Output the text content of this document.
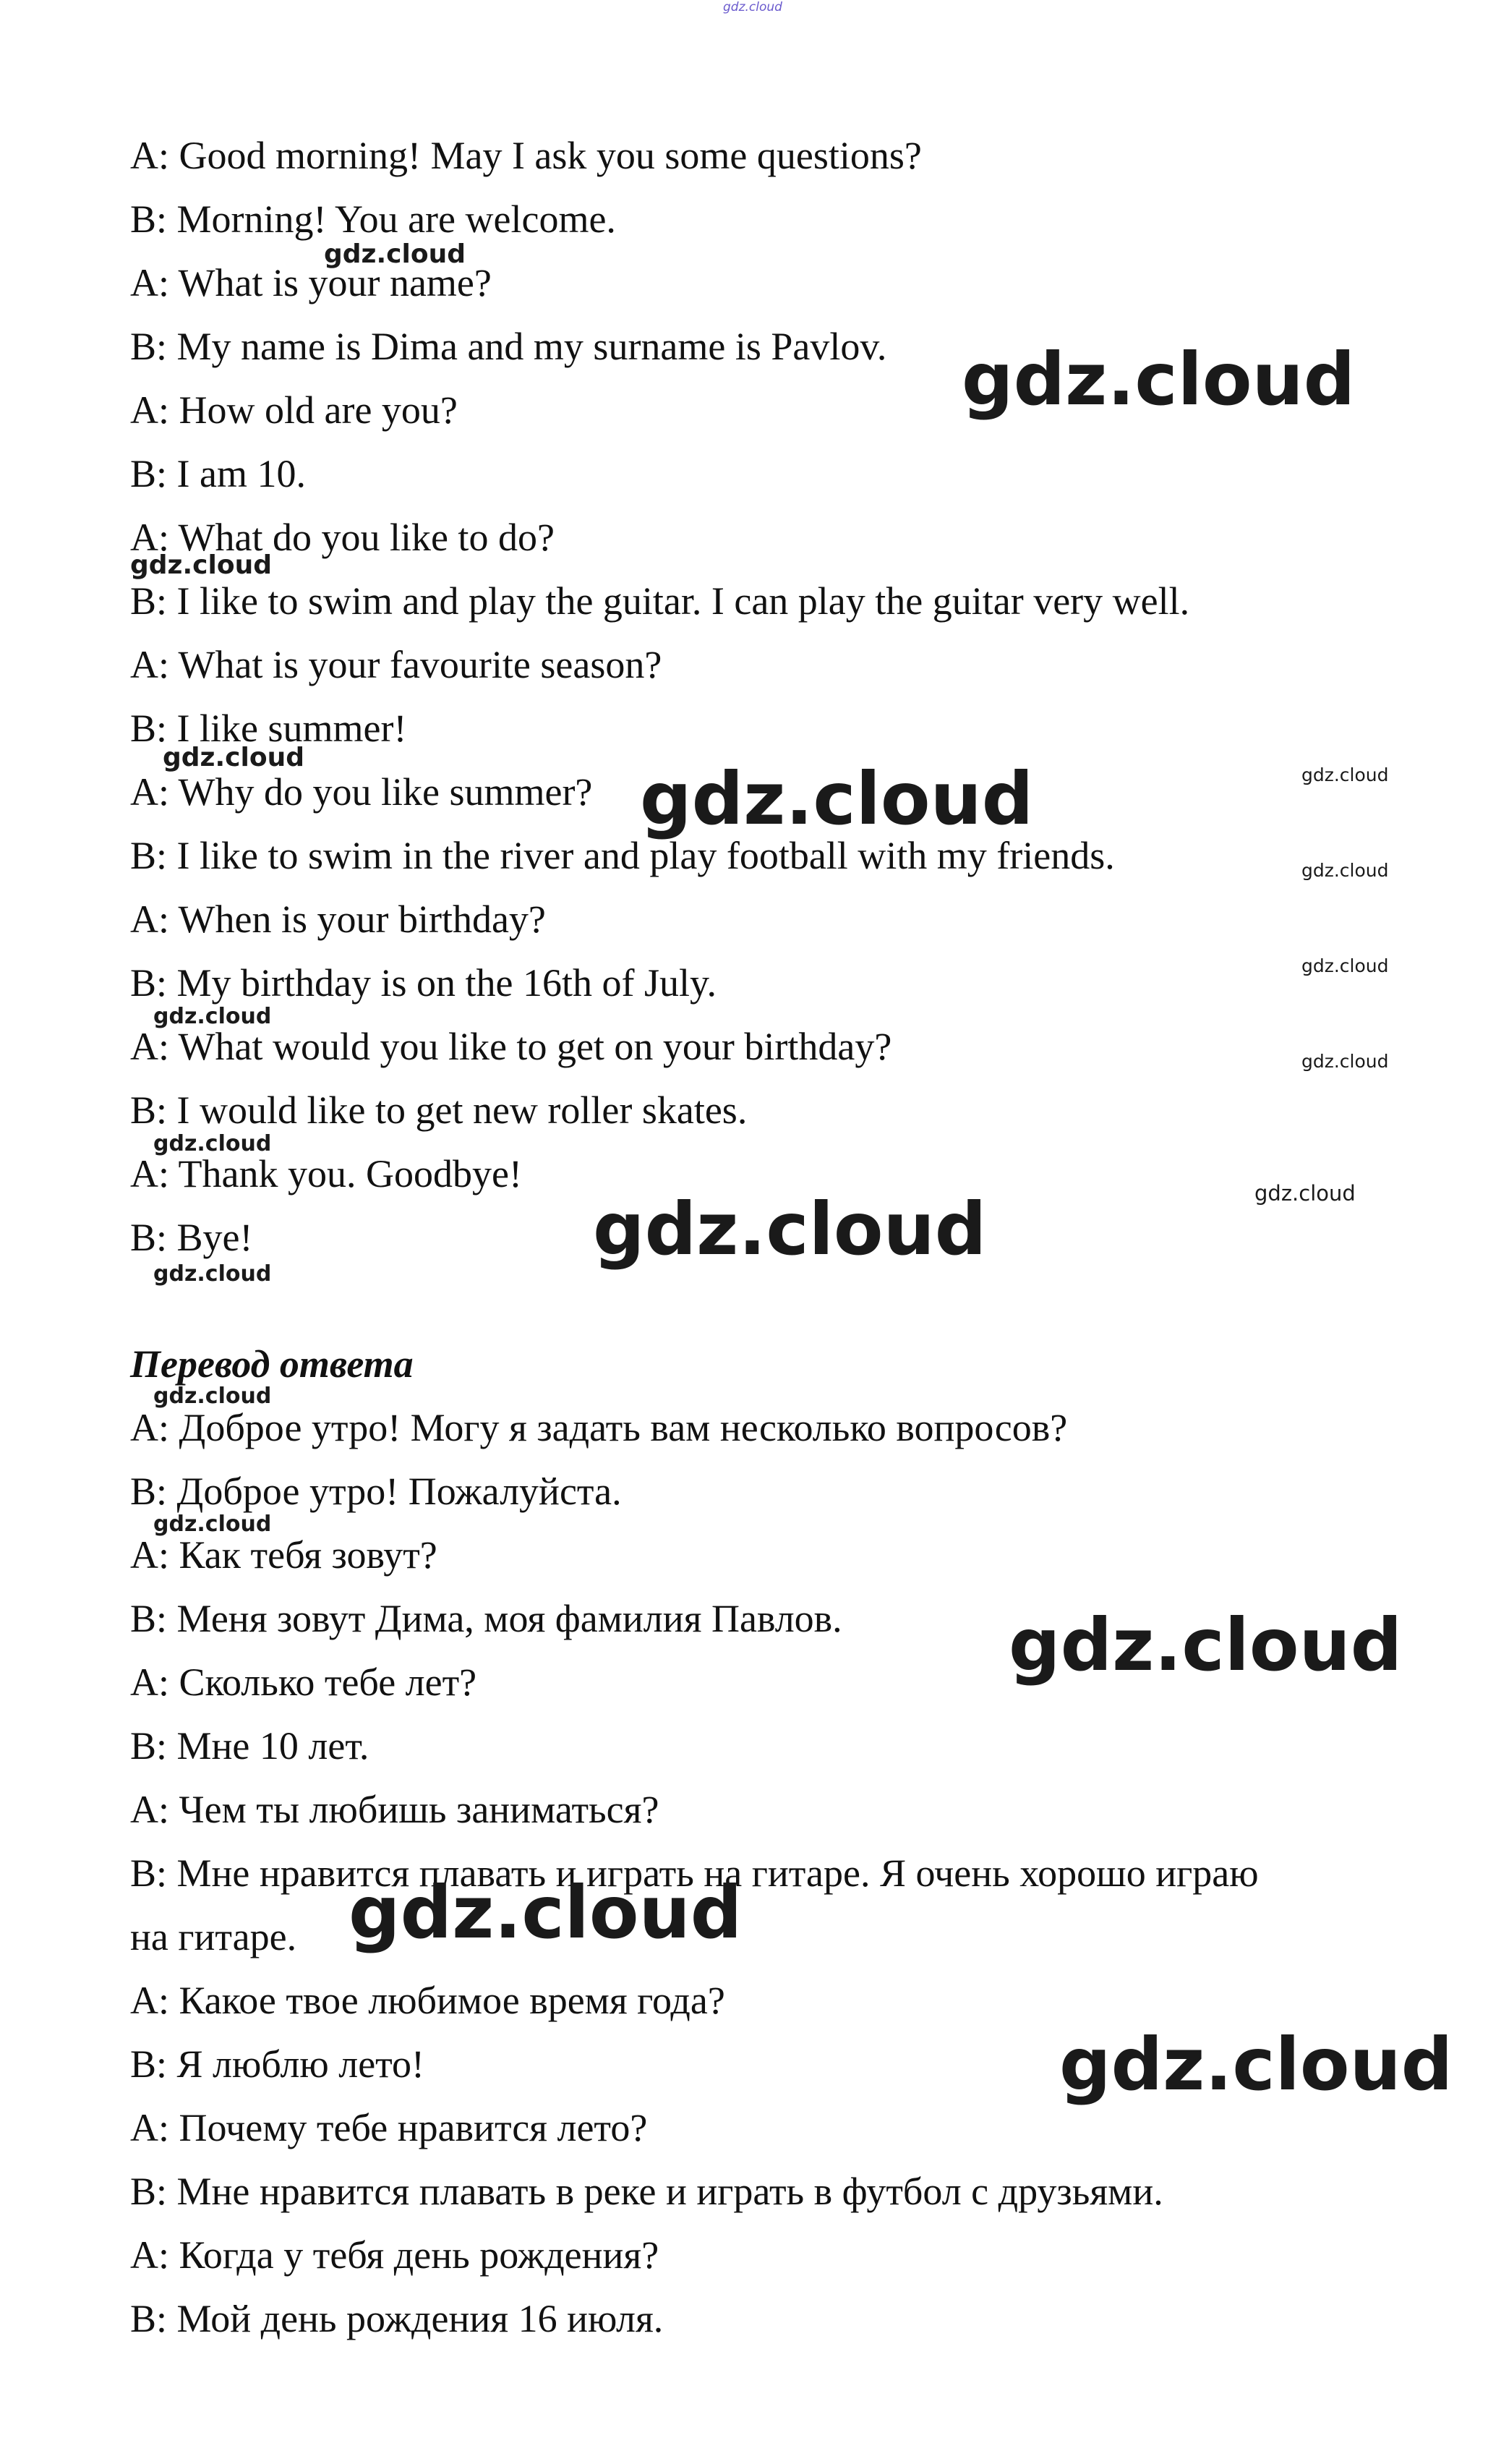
gdz.cloud

A: Good morning! May I ask you some questions?

B: Morning! You are welcome.

A: What is your name?

B: My name is Dima and my surname is Pavlov.

A: How old are you?

B: I am 10.

A: What do you like to do?

B: I like to swim and play the guitar. I can play the guitar very well.

A: What is your favourite season?

B: I like summer!

A: Why do you like summer?

B: I like to swim in the river and play football with my friends.

A: When is your birthday?

B: My birthday is on the 16th of July.

A: What would you like to get on your birthday?

B: I would like to get new roller skates.

A: Thank you. Goodbye!

B: Bye!

Перевод ответа

А: Доброе утро! Могу я задать вам несколько вопросов?

В: Доброе утро! Пожалуйста.

А: Как тебя зовут?

В: Меня зовут Дима, моя фамилия Павлов.

А: Сколько тебе лет?

В: Мне 10 лет.

А: Чем ты любишь заниматься?

В: Мне нравится плавать и играть на гитаре. Я очень хорошо играю

на гитаре.

А: Какое твое любимое время года?

В: Я люблю лето!

А: Почему тебе нравится лето?

В: Мне нравится плавать в реке и играть в футбол с друзьями.

А: Когда у тебя день рождения?

В: Мой день рождения 16 июля.

gdz.cloud
gdz.cloud
gdz.cloud
gdz.cloud	gdz.cloud	gdz.cloud
gdz.cloud
gdz.cloud
gdz.cloud
gdz.cloud
gdz.cloud
gdz.cloud
gdz.cloud
gdz.cloud
gdz.cloud
gdz.cloud
gdz.cloud
gdz.cloud
gdz.cloud
